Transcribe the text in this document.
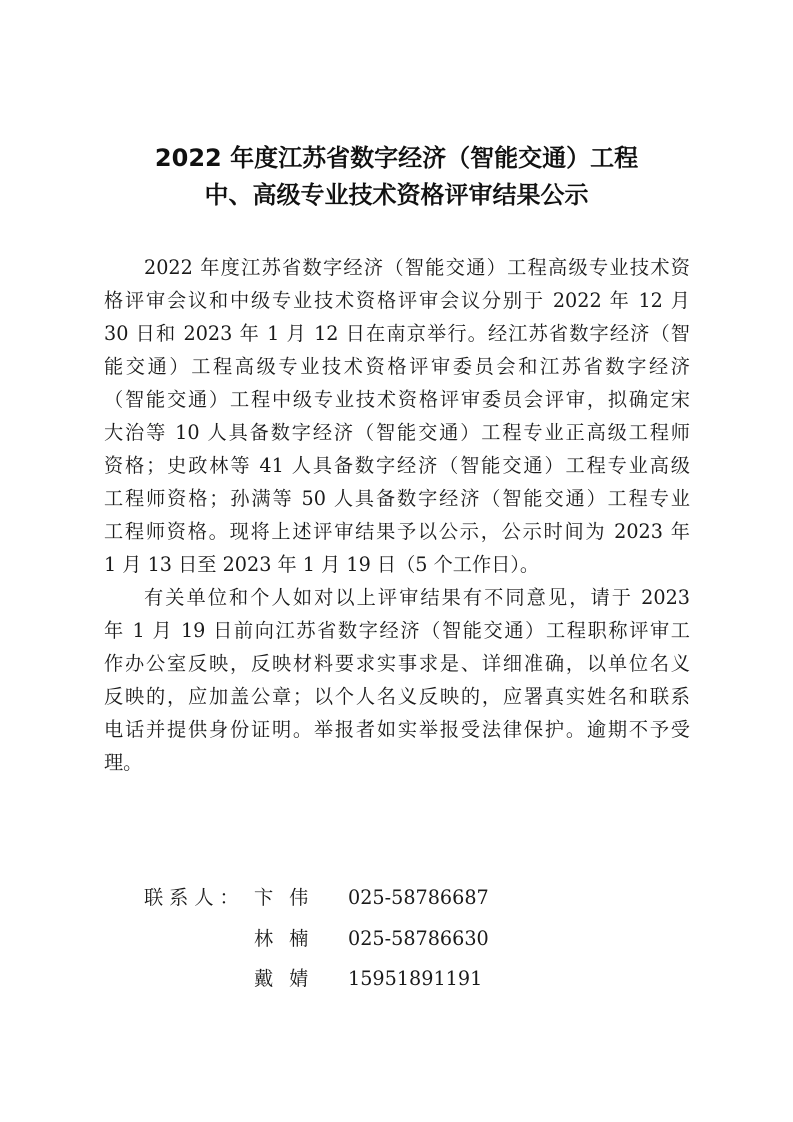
2022 年度江苏省数字经济（智能交通）工程
中、高级专业技术资格评审结果公示
2022 年度江苏省数字经济（智能交通）工程高级专业技术资
格评审会议和中级专业技术资格评审会议分别于 2022 年 12 月
30 日和 2023 年 1 月 12 日在南京举行。经江苏省数字经济（智
能交通）工程高级专业技术资格评审委员会和江苏省数字经济
（智能交通）工程中级专业技术资格评审委员会评审，拟确定宋
大治等 10 人具备数字经济（智能交通）工程专业正高级工程师
资格；史政林等 41 人具备数字经济（智能交通）工程专业高级
工程师资格；孙满等 50 人具备数字经济（智能交通）工程专业
工程师资格。现将上述评审结果予以公示，公示时间为 2023 年
1 月 13 日至 2023 年 1 月 19 日（5 个工作日）。
有关单位和个人如对以上评审结果有不同意见，请于 2023
年 1 月 19 日前向江苏省数字经济（智能交通）工程职称评审工
作办公室反映，反映材料要求实事求是、详细准确，以单位名义
反映的，应加盖公章；以个人名义反映的，应署真实姓名和联系
电话并提供身份证明。举报者如实举报受法律保护。逾期不予受
理。
联系人： 卞伟 025-58786687
林楠 025-58786630
戴婧 15951891191
